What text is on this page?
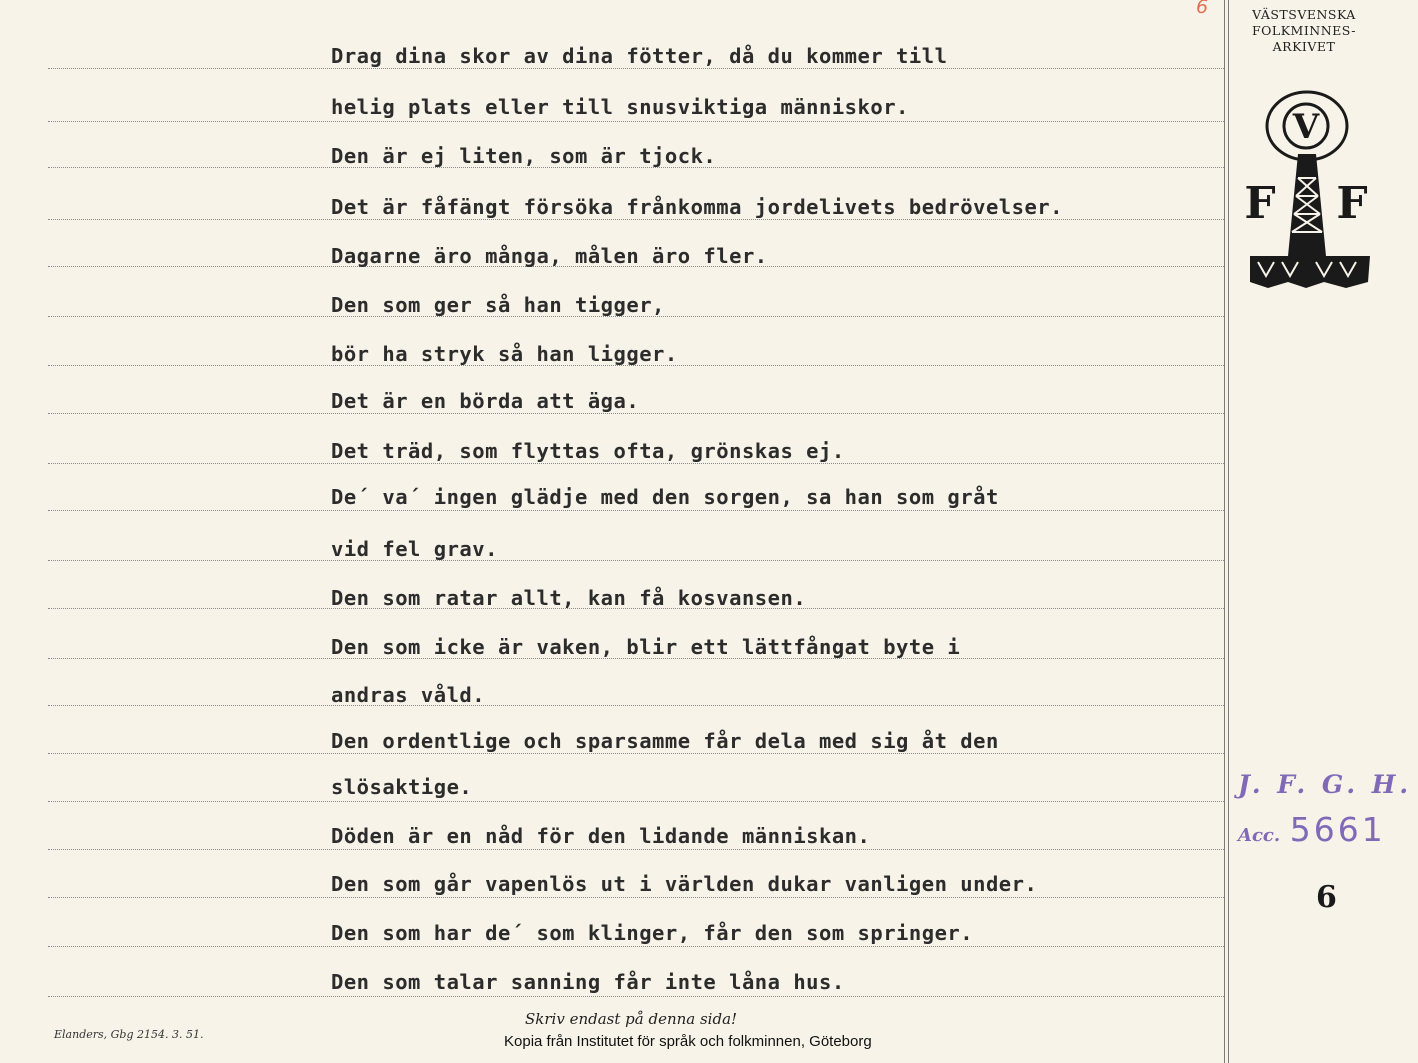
6	VÄSTSVENSKA
FOLKMINNES-
ARKIVET
V
F F
Drag dina skor av dina fötter, då du kommer till
helig plats eller till snusviktiga människor.
Den är ej liten, som är tjock.
Det är fåfängt försöka frånkomma jordelivets bedrövelser.
Dagarne äro många, målen äro fler.
Den som ger så han tigger,
bör ha stryk så han ligger.
Det är en börda att äga.
Det träd, som flyttas ofta, grönskas ej.
De´ va´ ingen glädje med den sorgen, sa han som gråt
vid fel grav.
Den som ratar allt, kan få kosvansen.
Den som icke är vaken, blir ett lättfångat byte i
andras våld.
Den ordentlige och sparsamme får dela med sig åt den
slösaktige.
Döden är en nåd för den lidande människan.
Den som går vapenlös ut i världen dukar vanligen under.
Den som har de´ som klinger, får den som springer.
Den som talar sanning får inte låna hus.
J. F. G. H.
Acc. 5661
6
Elanders, Gbg 2154. 3. 51.
Skriv endast på denna sida!
Kopia från Institutet för språk och folkminnen, Göteborg
